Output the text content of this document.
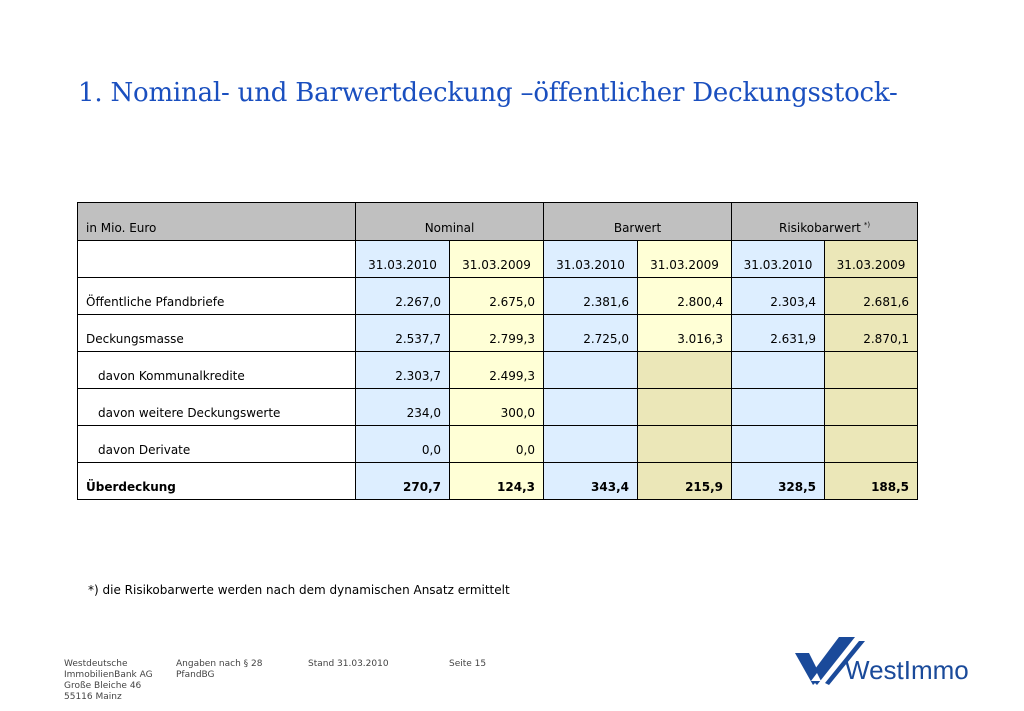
1. Nominal- und Barwertdeckung –öffentlicher Deckungsstock-
in Mio. Euro	Nominal		Barwert		Risikobarwert *)
	31.03.2010	31.03.2009	31.03.2010	31.03.2009	31.03.2010	31.03.2009
Öffentliche Pfandbriefe	2.267,0	2.675,0	2.381,6	2.800,4	2.303,4	2.681,6
Deckungsmasse	2.537,7	2.799,3	2.725,0	3.016,3	2.631,9	2.870,1
davon Kommunalkredite	2.303,7	2.499,3				
davon weitere Deckungswerte	234,0	300,0				
davon Derivate	0,0	0,0				
Überdeckung	270,7	124,3	343,4	215,9	328,5	188,5
*) die Risikobarwerte werden nach dem dynamischen Ansatz ermittelt
Westdeutsche
ImmobilienBank AG
Große Bleiche 46
55116 Mainz
Angaben nach § 28
PfandBG
Stand 31.03.2010	Seite 15	WestImmo
